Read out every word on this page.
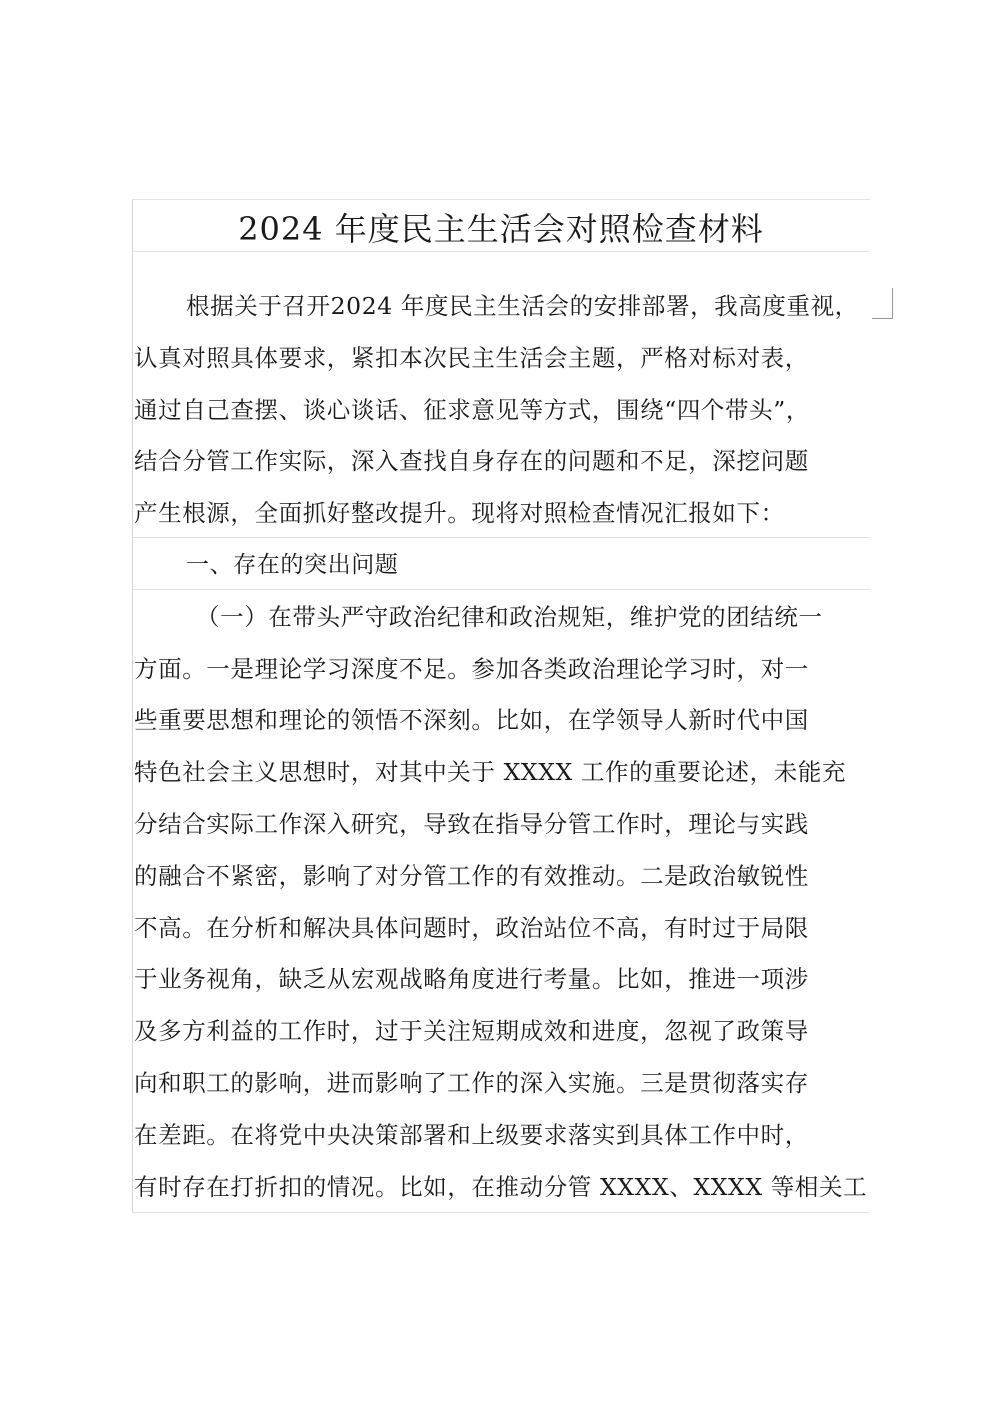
2024 年度民主生活会对照检查材料
根据关于召开2024 年度民主生活会的安排部署，我高度重视，
认真对照具体要求，紧扣本次民主生活会主题，严格对标对表，
通过自己查摆、谈心谈话、征求意见等方式，围绕“四个带头”，
结合分管工作实际，深入查找自身存在的问题和不足，深挖问题
产生根源，全面抓好整改提升。现将对照检查情况汇报如下：
一、存在的突出问题
（一）在带头严守政治纪律和政治规矩，维护党的团结统一
方面。一是理论学习深度不足。参加各类政治理论学习时，对一
些重要思想和理论的领悟不深刻。比如，在学领导人新时代中国
特色社会主义思想时，对其中关于 XXXX 工作的重要论述，未能充
分结合实际工作深入研究，导致在指导分管工作时，理论与实践
的融合不紧密，影响了对分管工作的有效推动。二是政治敏锐性
不高。在分析和解决具体问题时，政治站位不高，有时过于局限
于业务视角，缺乏从宏观战略角度进行考量。比如，推进一项涉
及多方利益的工作时，过于关注短期成效和进度，忽视了政策导
向和职工的影响，进而影响了工作的深入实施。三是贯彻落实存
在差距。在将党中央决策部署和上级要求落实到具体工作中时，
有时存在打折扣的情况。比如，在推动分管 XXXX、XXXX 等相关工
